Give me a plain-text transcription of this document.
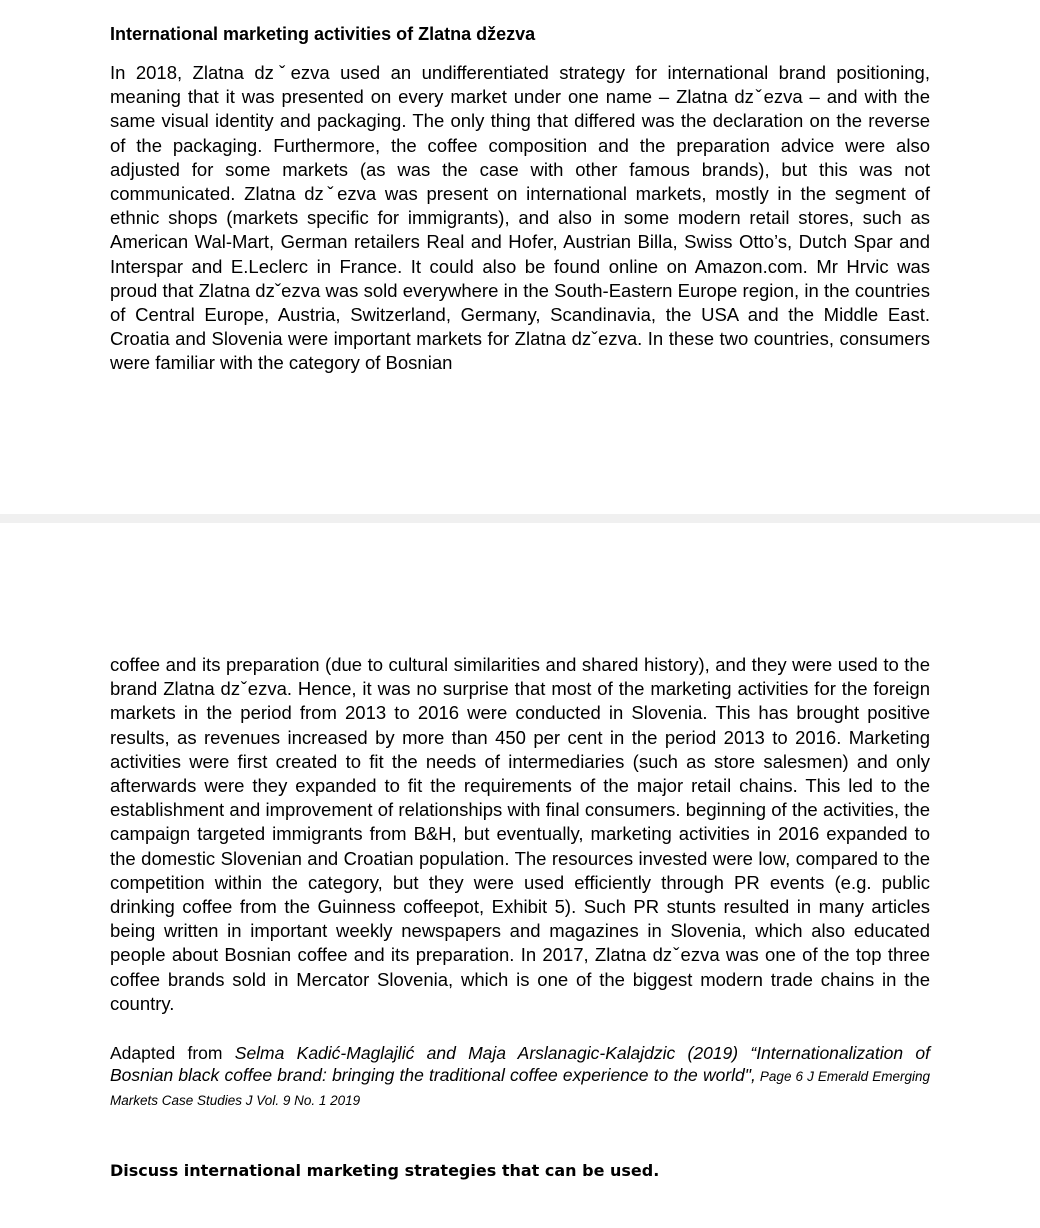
International marketing activities of Zlatna džezva

In 2018, Zlatna dzˇezva used an undifferentiated strategy for international brand positioning, meaning that it was presented on every market under one name – Zlatna dzˇezva – and with the same visual identity and packaging. The only thing that differed was the declaration on the reverse of the packaging. Furthermore, the coffee composition and the preparation advice were also adjusted for some markets (as was the case with other famous brands), but this was not communicated. Zlatna dzˇezva was present on international markets, mostly in the segment of ethnic shops (markets specific for immigrants), and also in some modern retail stores, such as American Wal-Mart, German retailers Real and Hofer, Austrian Billa, Swiss Otto’s, Dutch Spar and Interspar and E.Leclerc in France. It could also be found online on Amazon.com. Mr Hrvic was proud that Zlatna dzˇezva was sold everywhere in the South-Eastern Europe region, in the countries of Central Europe, Austria, Switzerland, Germany, Scandinavia, the USA and the Middle East. Croatia and Slovenia were important markets for Zlatna dzˇezva. In these two countries, consumers were familiar with the category of Bosnian

coffee and its preparation (due to cultural similarities and shared history), and they were used to the brand Zlatna dzˇezva. Hence, it was no surprise that most of the marketing activities for the foreign markets in the period from 2013 to 2016 were conducted in Slovenia. This has brought positive results, as revenues increased by more than 450 per cent in the period 2013 to 2016. Marketing activities were first created to fit the needs of intermediaries (such as store salesmen) and only afterwards were they expanded to fit the requirements of the major retail chains. This led to the establishment and improvement of relationships with final consumers. beginning of the activities, the campaign targeted immigrants from B&H, but eventually, marketing activities in 2016 expanded to the domestic Slovenian and Croatian population. The resources invested were low, compared to the competition within the category, but they were used efficiently through PR events (e.g. public drinking coffee from the Guinness coffeepot, Exhibit 5). Such PR stunts resulted in many articles being written in important weekly newspapers and magazines in Slovenia, which also educated people about Bosnian coffee and its preparation. In 2017, Zlatna dzˇezva was one of the top three coffee brands sold in Mercator Slovenia, which is one of the biggest modern trade chains in the country.

Adapted from Selma Kadić-Maglajlić and Maja Arslanagic-Kalajdzic (2019) “Internationalization of Bosnian black coffee brand: bringing the traditional coffee experience to the world", Page 6 J Emerald Emerging Markets Case Studies J Vol. 9 No. 1 2019

Discuss international marketing strategies that can be used.
